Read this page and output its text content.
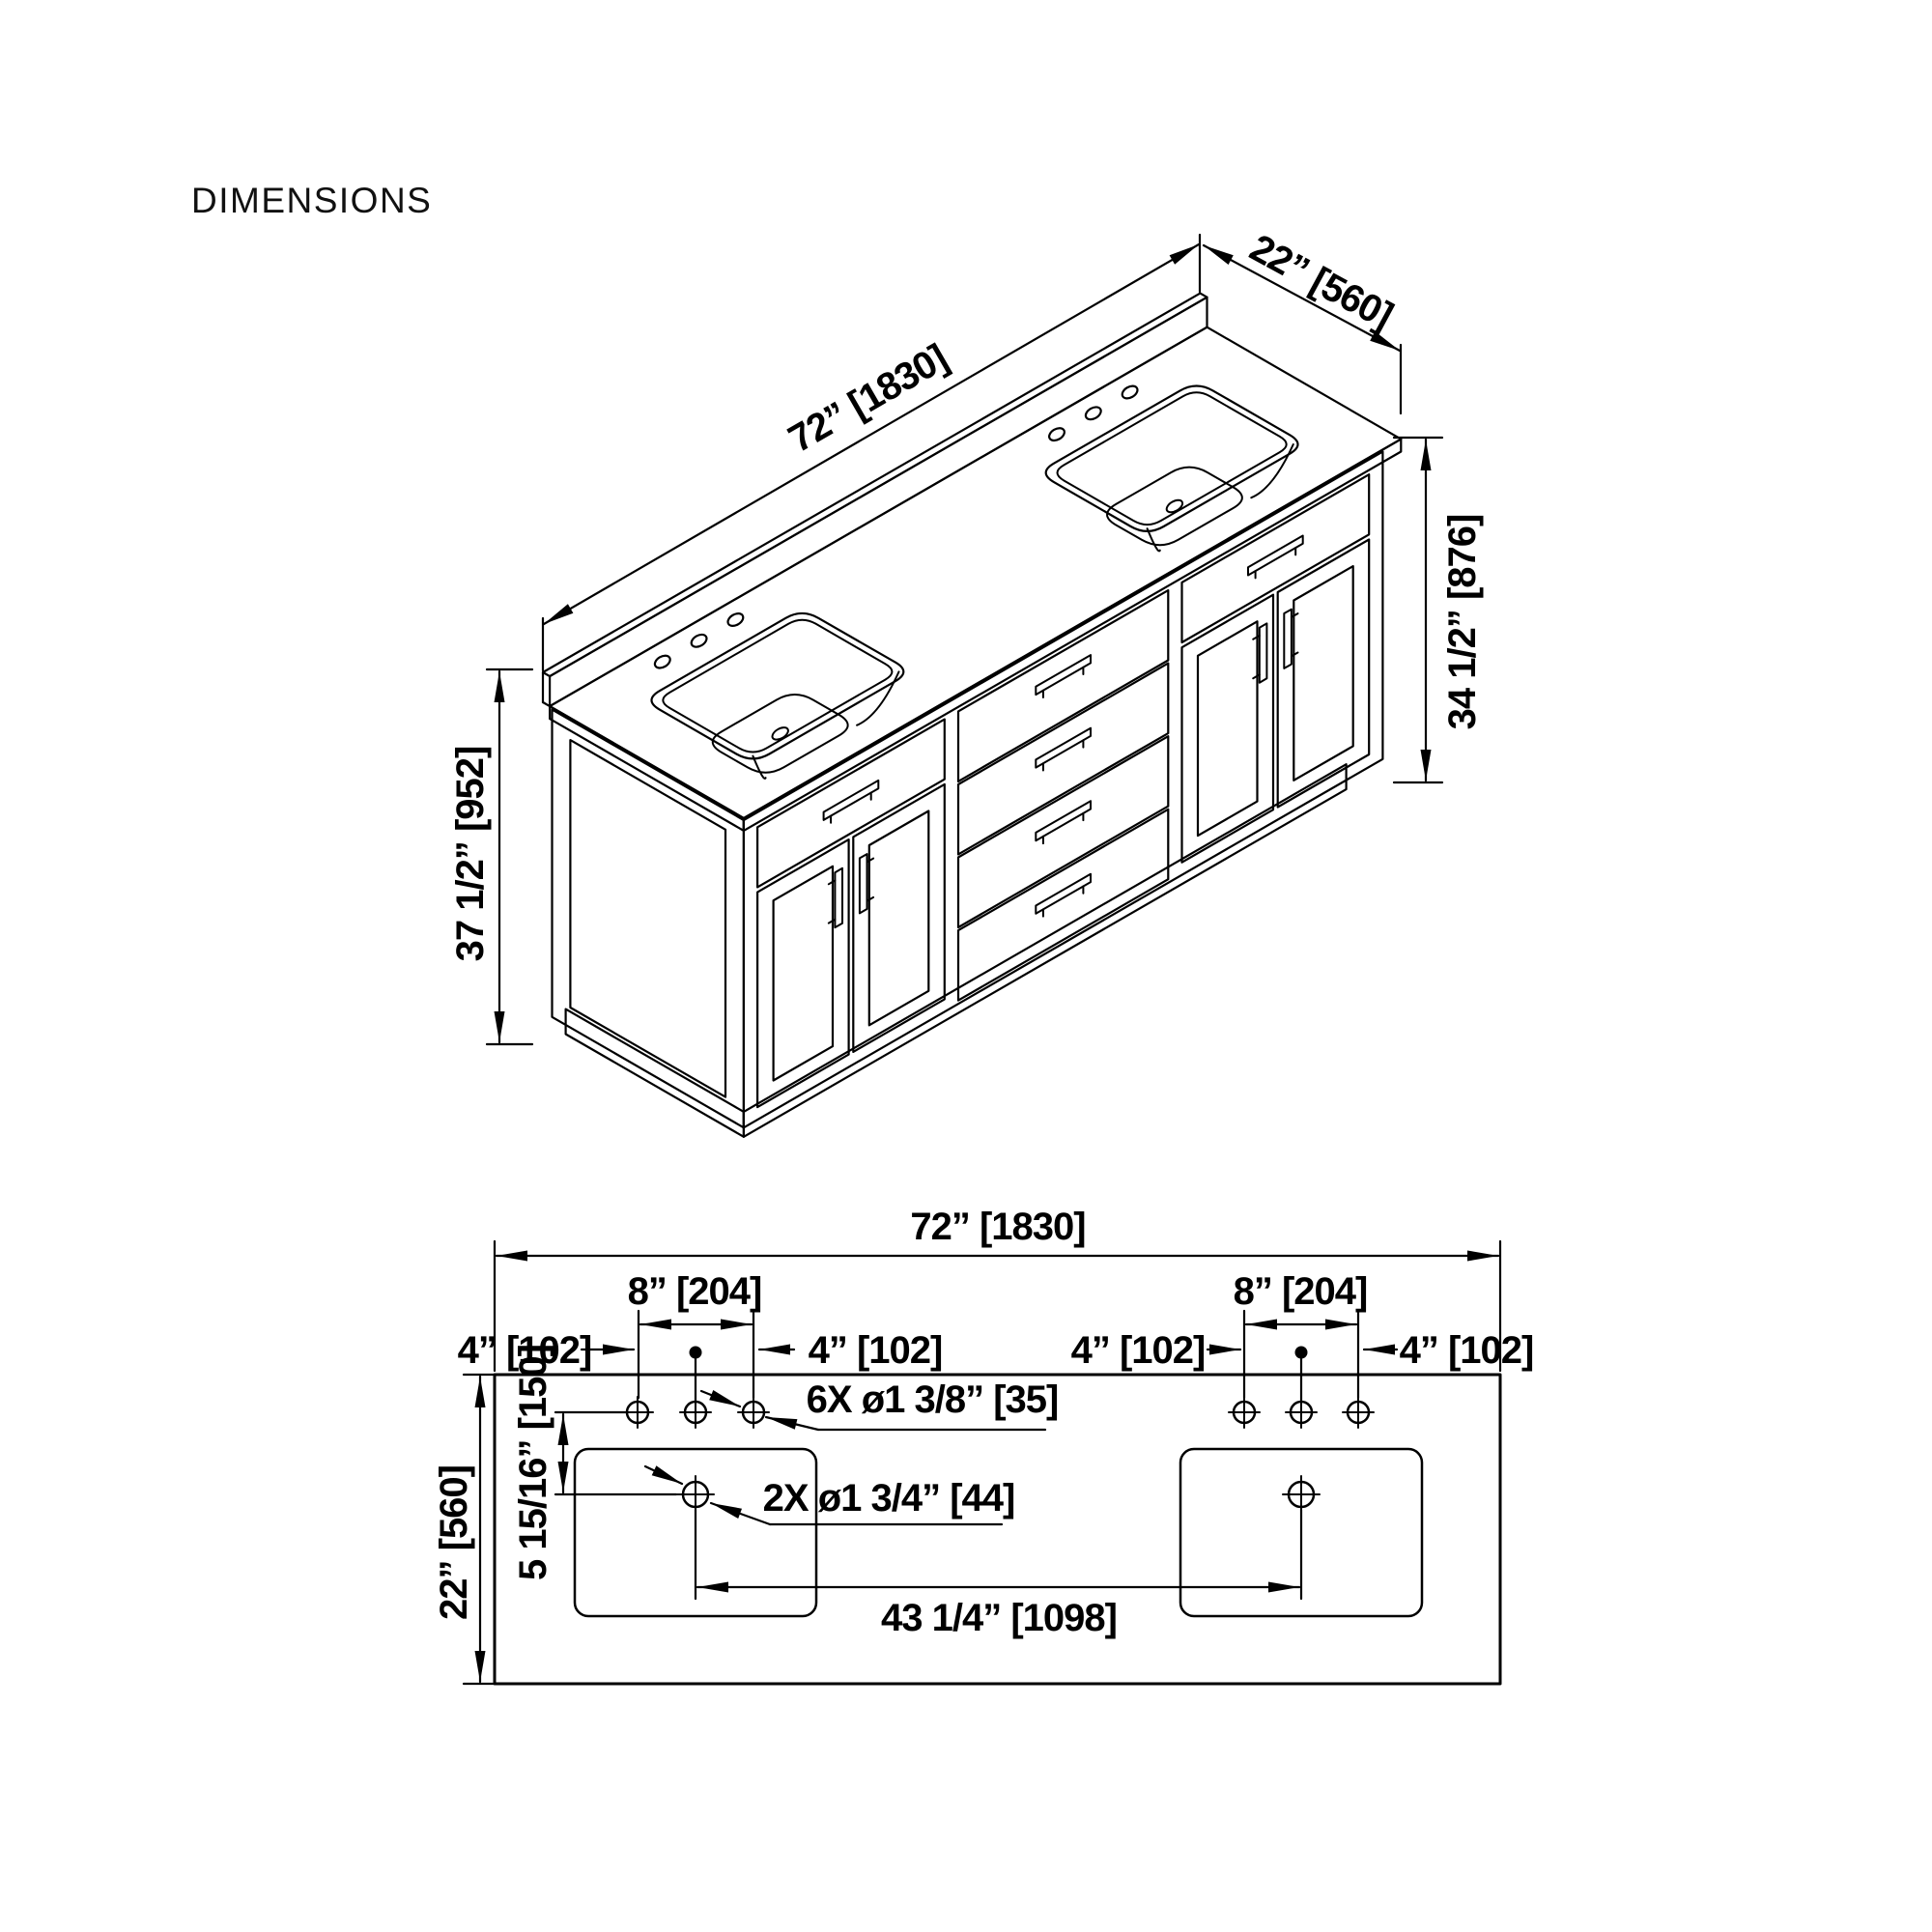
DIMENSIONS
72” [1830]
22” [560]
34 1/2” [876]
37 1/2” [952]
72” [1830]
8” [204]	8” [204]
4” [102]	4” [102]	4” [102]	4” [102]
6X ø1 3/8” [35]
2X ø1 3/4” [44]
5 15/16” [150]
22” [560]	43 1/4” [1098]
